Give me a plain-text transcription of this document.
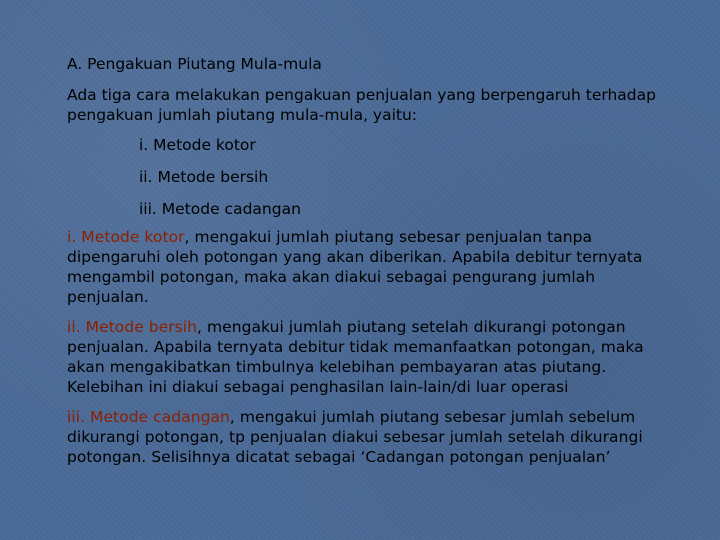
A. Pengakuan Piutang Mula-mula

Ada tiga cara melakukan pengakuan penjualan yang berpengaruh terhadap pengakuan jumlah piutang mula-mula, yaitu:

i. Metode kotor
ii. Metode bersih
iii. Metode cadangan

i. Metode kotor, mengakui jumlah piutang sebesar penjualan tanpa dipengaruhi oleh potongan yang akan diberikan. Apabila debitur ternyata mengambil potongan, maka akan diakui sebagai pengurang jumlah penjualan.

ii. Metode bersih, mengakui jumlah piutang setelah dikurangi potongan penjualan. Apabila ternyata debitur tidak memanfaatkan potongan, maka akan mengakibatkan timbulnya kelebihan pembayaran atas piutang. Kelebihan ini diakui sebagai penghasilan lain-lain/di luar operasi

iii. Metode cadangan, mengakui jumlah piutang sebesar jumlah sebelum dikurangi potongan, tp penjualan diakui sebesar jumlah setelah dikurangi potongan. Selisihnya dicatat sebagai ‘Cadangan potongan penjualan’
